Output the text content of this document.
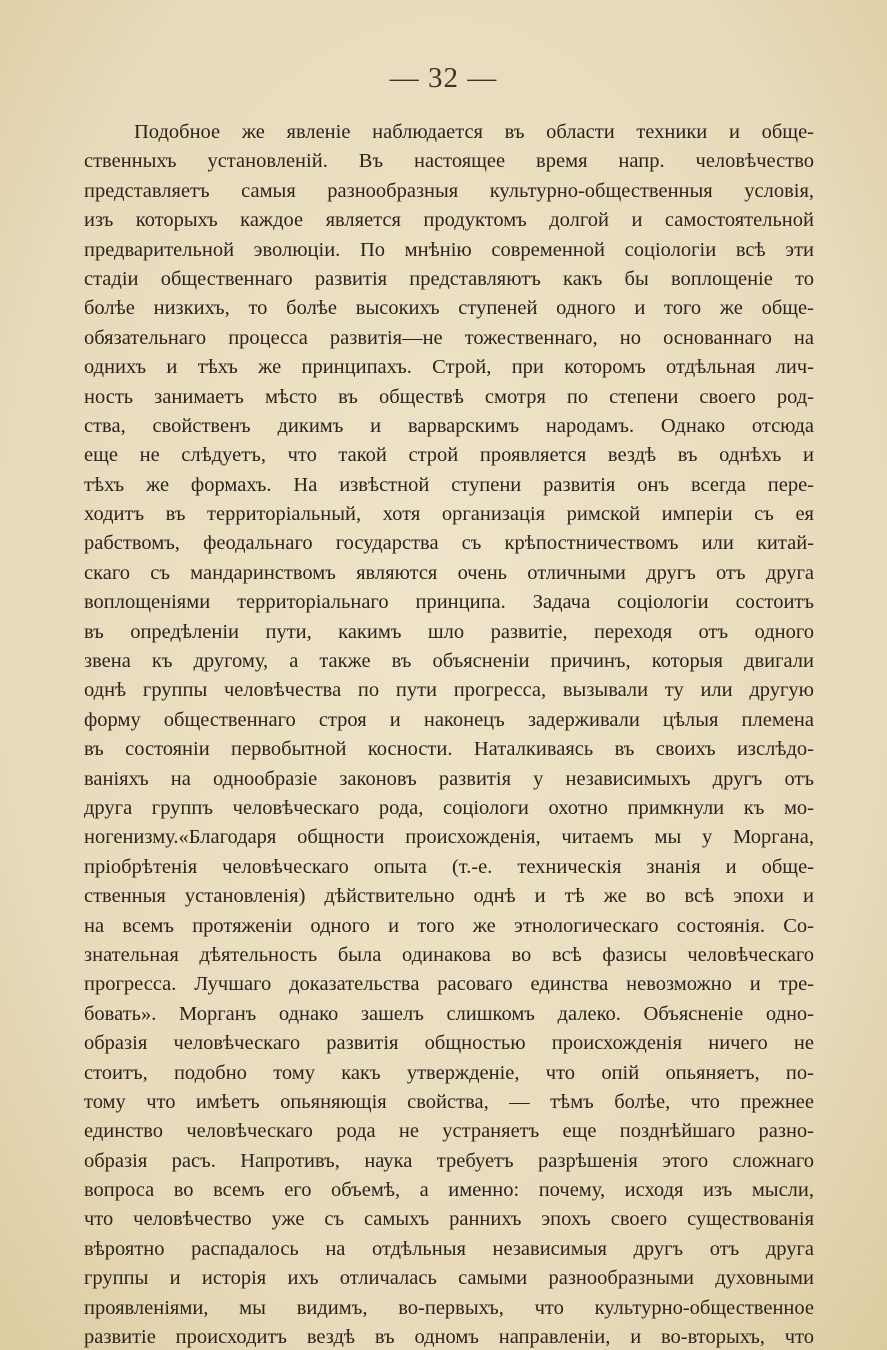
— 32 —
Подобное же явленіе наблюдается въ области техники и обще-
ственныхъ установленій. Въ настоящее время напр. человѣчество
представляетъ самыя разнообразныя культурно-общественныя условія,
изъ которыхъ каждое является продуктомъ долгой и самостоятельной
предварительной эволюціи. По мнѣнію современной соціологіи всѣ эти
стадіи общественнаго развитія представляютъ какъ бы воплощеніе то
болѣе низкихъ, то болѣе высокихъ ступеней одного и того же обще-
обязательнаго процесса развитія—не тожественнаго, но основаннаго на
однихъ и тѣхъ же принципахъ. Строй, при которомъ отдѣльная лич-
ность занимаетъ мѣсто въ обществѣ смотря по степени своего род-
ства, свойственъ дикимъ и варварскимъ народамъ. Однако отсюда
еще не слѣдуетъ, что такой строй проявляется вездѣ въ однѣхъ и
тѣхъ же формахъ. На извѣстной ступени развитія онъ всегда пере-
ходитъ въ территоріальный, хотя организація римской имперіи съ ея
рабствомъ, феодальнаго государства съ крѣпостничествомъ или китай-
скаго съ мандаринствомъ являются очень отличными другъ отъ друга
воплощеніями территоріальнаго принципа. Задача соціологіи состоитъ
въ опредѣленіи пути, какимъ шло развитіе, переходя отъ одного
звена къ другому, а также въ объясненіи причинъ, которыя двигали
однѣ группы человѣчества по пути прогресса, вызывали ту или другую
форму общественнаго строя и наконецъ задерживали цѣлыя племена
въ состояніи первобытной косности. Наталкиваясь въ своихъ изслѣдо-
ваніяхъ на однообразіе законовъ развитія у независимыхъ другъ отъ
друга группъ человѣческаго рода, соціологи охотно примкнули къ мо-
ногенизму.«Благодаря общности происхожденія, читаемъ мы у Моргана,
пріобрѣтенія человѣческаго опыта (т.-е. техническія знанія и обще-
ственныя установленія) дѣйствительно однѣ и тѣ же во всѣ эпохи и
на всемъ протяженіи одного и того же этнологическаго состоянія. Со-
знательная дѣятельность была одинакова во всѣ фазисы человѣческаго
прогресса. Лучшаго доказательства расоваго единства невозможно и тре-
бовать». Морганъ однако зашелъ слишкомъ далеко. Объясненіе одно-
образія человѣческаго развитія общностью происхожденія ничего не
стоитъ, подобно тому какъ утвержденіе, что опій опьяняетъ, по-
тому что имѣетъ опьяняющія свойства, — тѣмъ болѣе, что прежнее
единство человѣческаго рода не устраняетъ еще позднѣйшаго разно-
образія расъ. Напротивъ, наука требуетъ разрѣшенія этого сложнаго
вопроса во всемъ его объемѣ, а именно: почему, исходя изъ мысли,
что человѣчество уже съ самыхъ раннихъ эпохъ своего существованія
вѣроятно распадалось на отдѣльныя независимыя другъ отъ друга
группы и исторія ихъ отличалась самыми разнообразными духовными
проявленіями, мы видимъ, во-первыхъ, что культурно-общественное
развитіе происходитъ вездѣ въ одномъ направленіи, и во-вторыхъ, что
